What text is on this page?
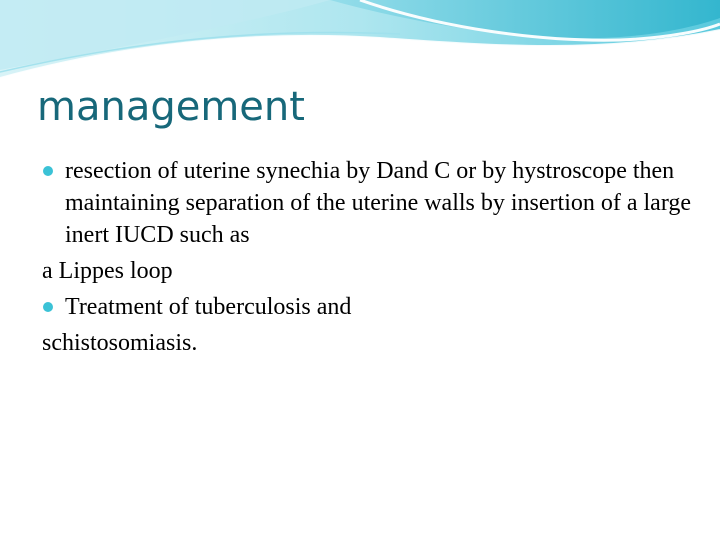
management

resection of uterine synechia by Dand C or by hystroscope then maintaining separation of the uterine walls by insertion of a large inert IUCD such as

a Lippes loop

Treatment of tuberculosis and

schistosomiasis.
